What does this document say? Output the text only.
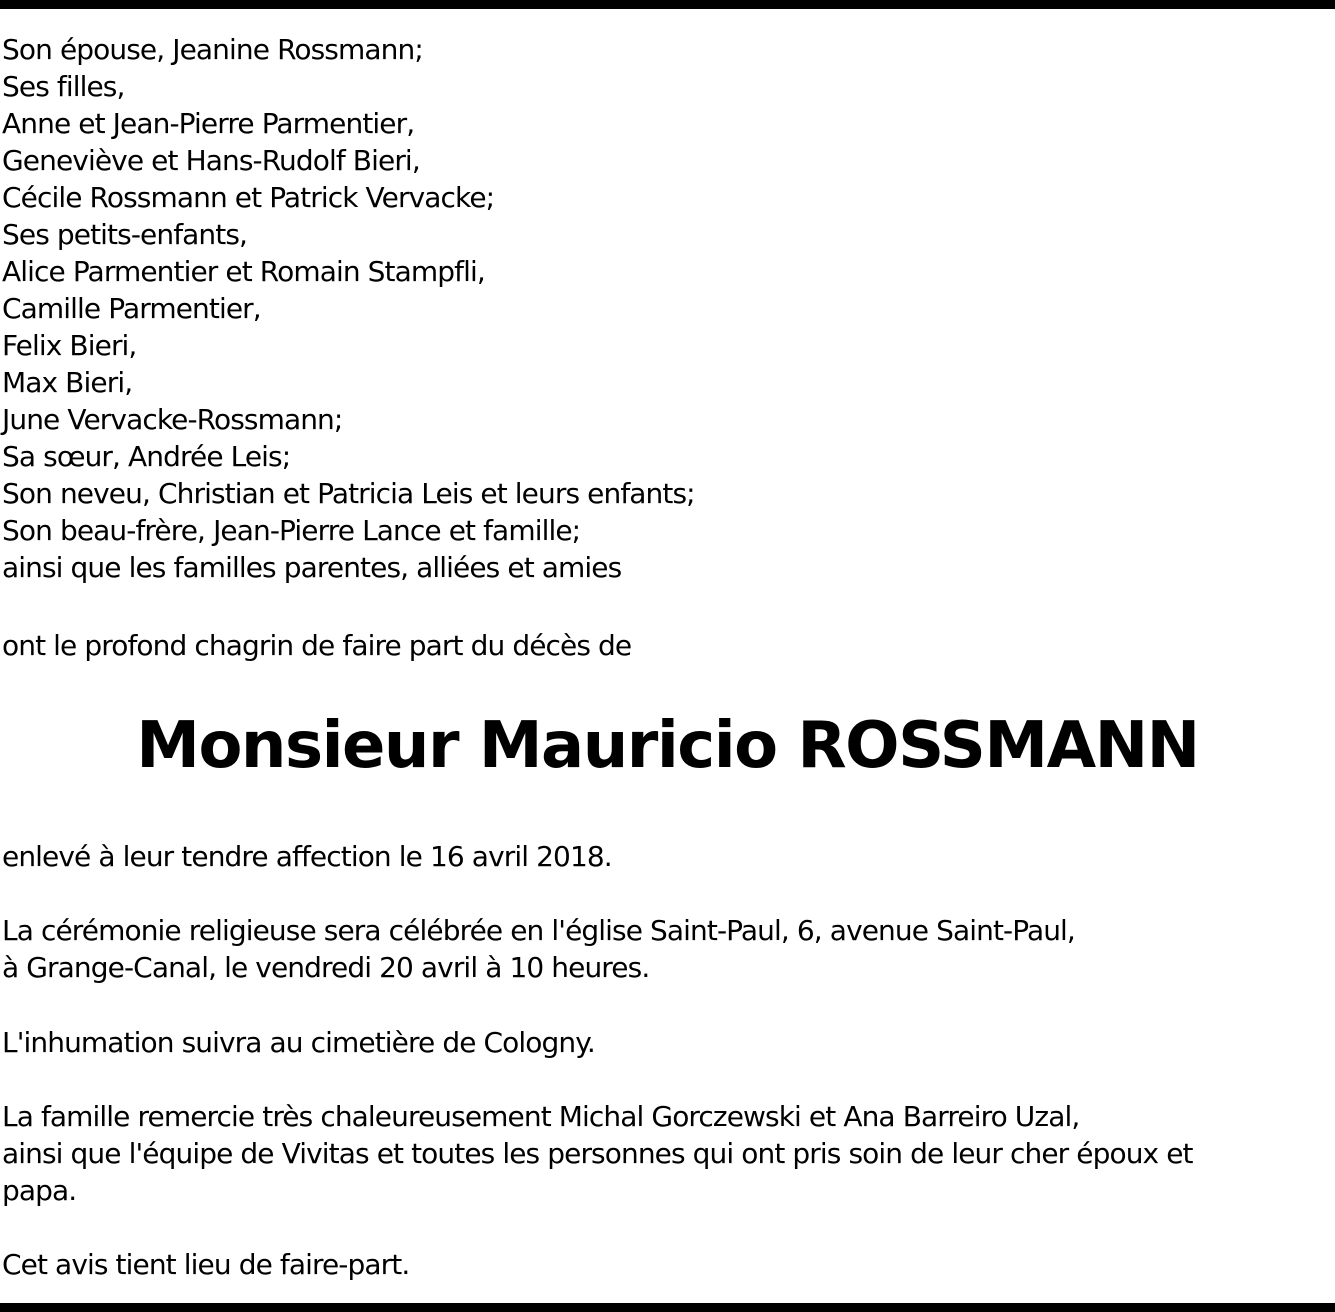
Son épouse, Jeanine Rossmann;
Ses filles,
Anne et Jean-Pierre Parmentier,
Geneviève et Hans-Rudolf Bieri,
Cécile Rossmann et Patrick Vervacke;
Ses petits-enfants,
Alice Parmentier et Romain Stampfli,
Camille Parmentier,
Felix Bieri,
Max Bieri,
June Vervacke-Rossmann;
Sa sœur, Andrée Leis;
Son neveu, Christian et Patricia Leis et leurs enfants;
Son beau-frère, Jean-Pierre Lance et famille;
ainsi que les familles parentes, alliées et amies
ont le profond chagrin de faire part du décès de
Monsieur Mauricio ROSSMANN
enlevé à leur tendre affection le 16 avril 2018.
La cérémonie religieuse sera célébrée en l'église Saint-Paul, 6, avenue Saint-Paul,
à Grange-Canal, le vendredi 20 avril à 10 heures.
L'inhumation suivra au cimetière de Cologny.
La famille remercie très chaleureusement Michal Gorczewski et Ana Barreiro Uzal,
ainsi que l'équipe de Vivitas et toutes les personnes qui ont pris soin de leur cher époux et
papa.
Cet avis tient lieu de faire-part.
